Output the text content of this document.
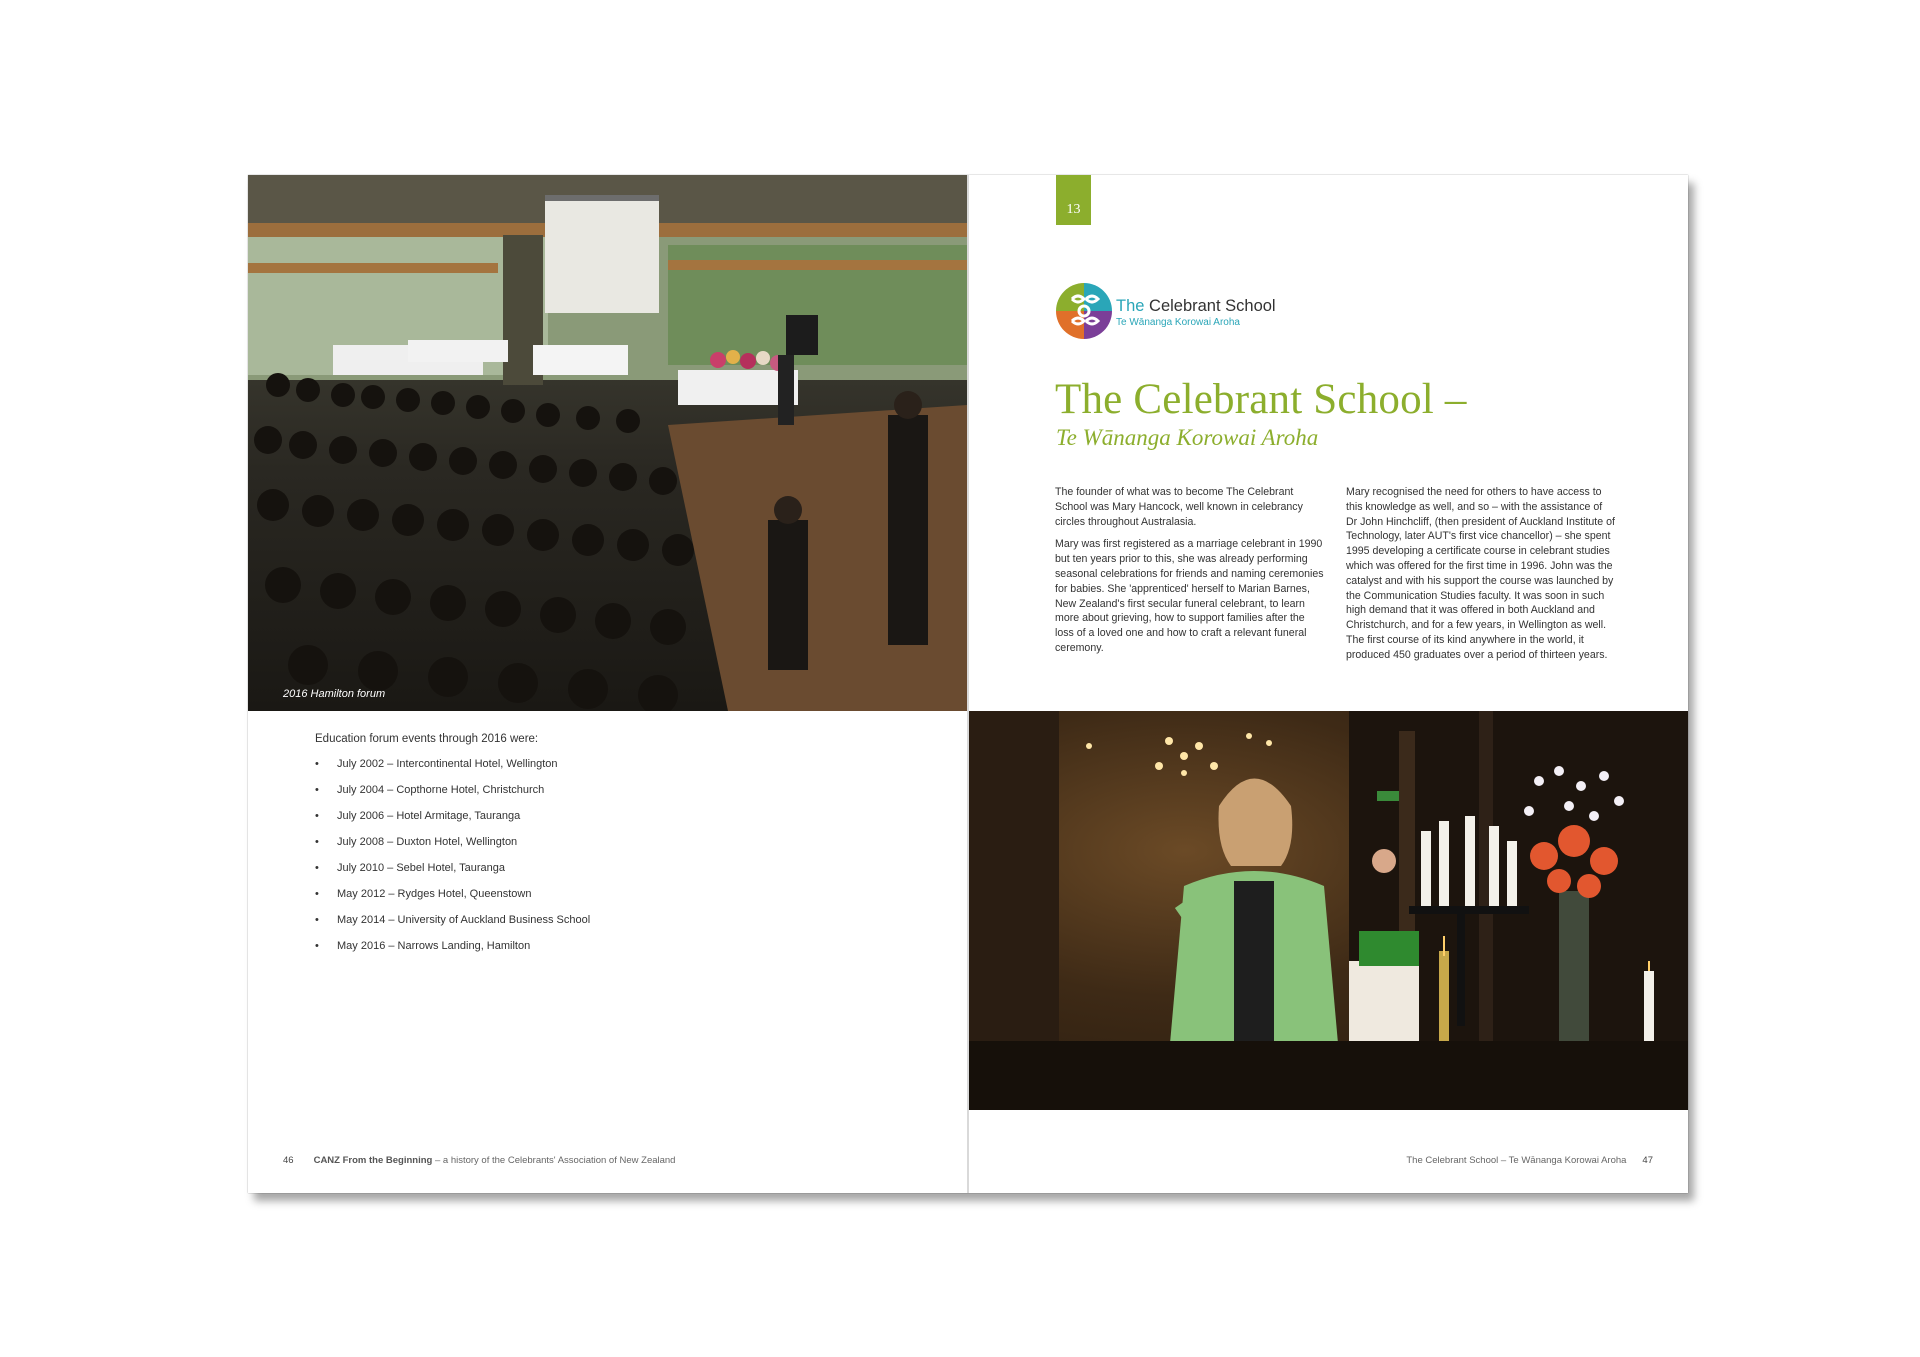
2016 Hamilton forum
Education forum events through 2016 were:
• July 2002 – Intercontinental Hotel, Wellington
• July 2004 – Copthorne Hotel, Christchurch
• July 2006 – Hotel Armitage, Tauranga
• July 2008 – Duxton Hotel, Wellington
• July 2010 – Sebel Hotel, Tauranga
• May 2012 – Rydges Hotel, Queenstown
• May 2014 – University of Auckland Business School
• May 2016 – Narrows Landing, Hamilton
46 CANZ From the Beginning – a history of the Celebrants' Association of New Zealand
13
The Celebrant School
Te Wānanga Korowai Aroha
The Celebrant School –
Te Wānanga Korowai Aroha

The founder of what was to become The Celebrant School was Mary Hancock, well known in celebrancy circles throughout Australasia.

Mary was first registered as a marriage celebrant in 1990 but ten years prior to this, she was already performing seasonal celebrations for friends and naming ceremonies for babies. She 'apprenticed' herself to Marian Barnes, New Zealand's first secular funeral celebrant, to learn more about grieving, how to support families after the loss of a loved one and how to craft a relevant funeral ceremony.

Mary recognised the need for others to have access to this knowledge as well, and so – with the assistance of Dr John Hinchcliff, (then president of Auckland Institute of Technology, later AUT's first vice chancellor) – she spent 1995 developing a certificate course in celebrant studies which was offered for the first time in 1996. John was the catalyst and with his support the course was launched by the Communication Studies faculty. It was soon in such high demand that it was offered in both Auckland and Christchurch, and for a few years, in Wellington as well. The first course of its kind anywhere in the world, it produced 450 graduates over a period of thirteen years.

The Celebrant School – Te Wānanga Korowai Aroha 47
